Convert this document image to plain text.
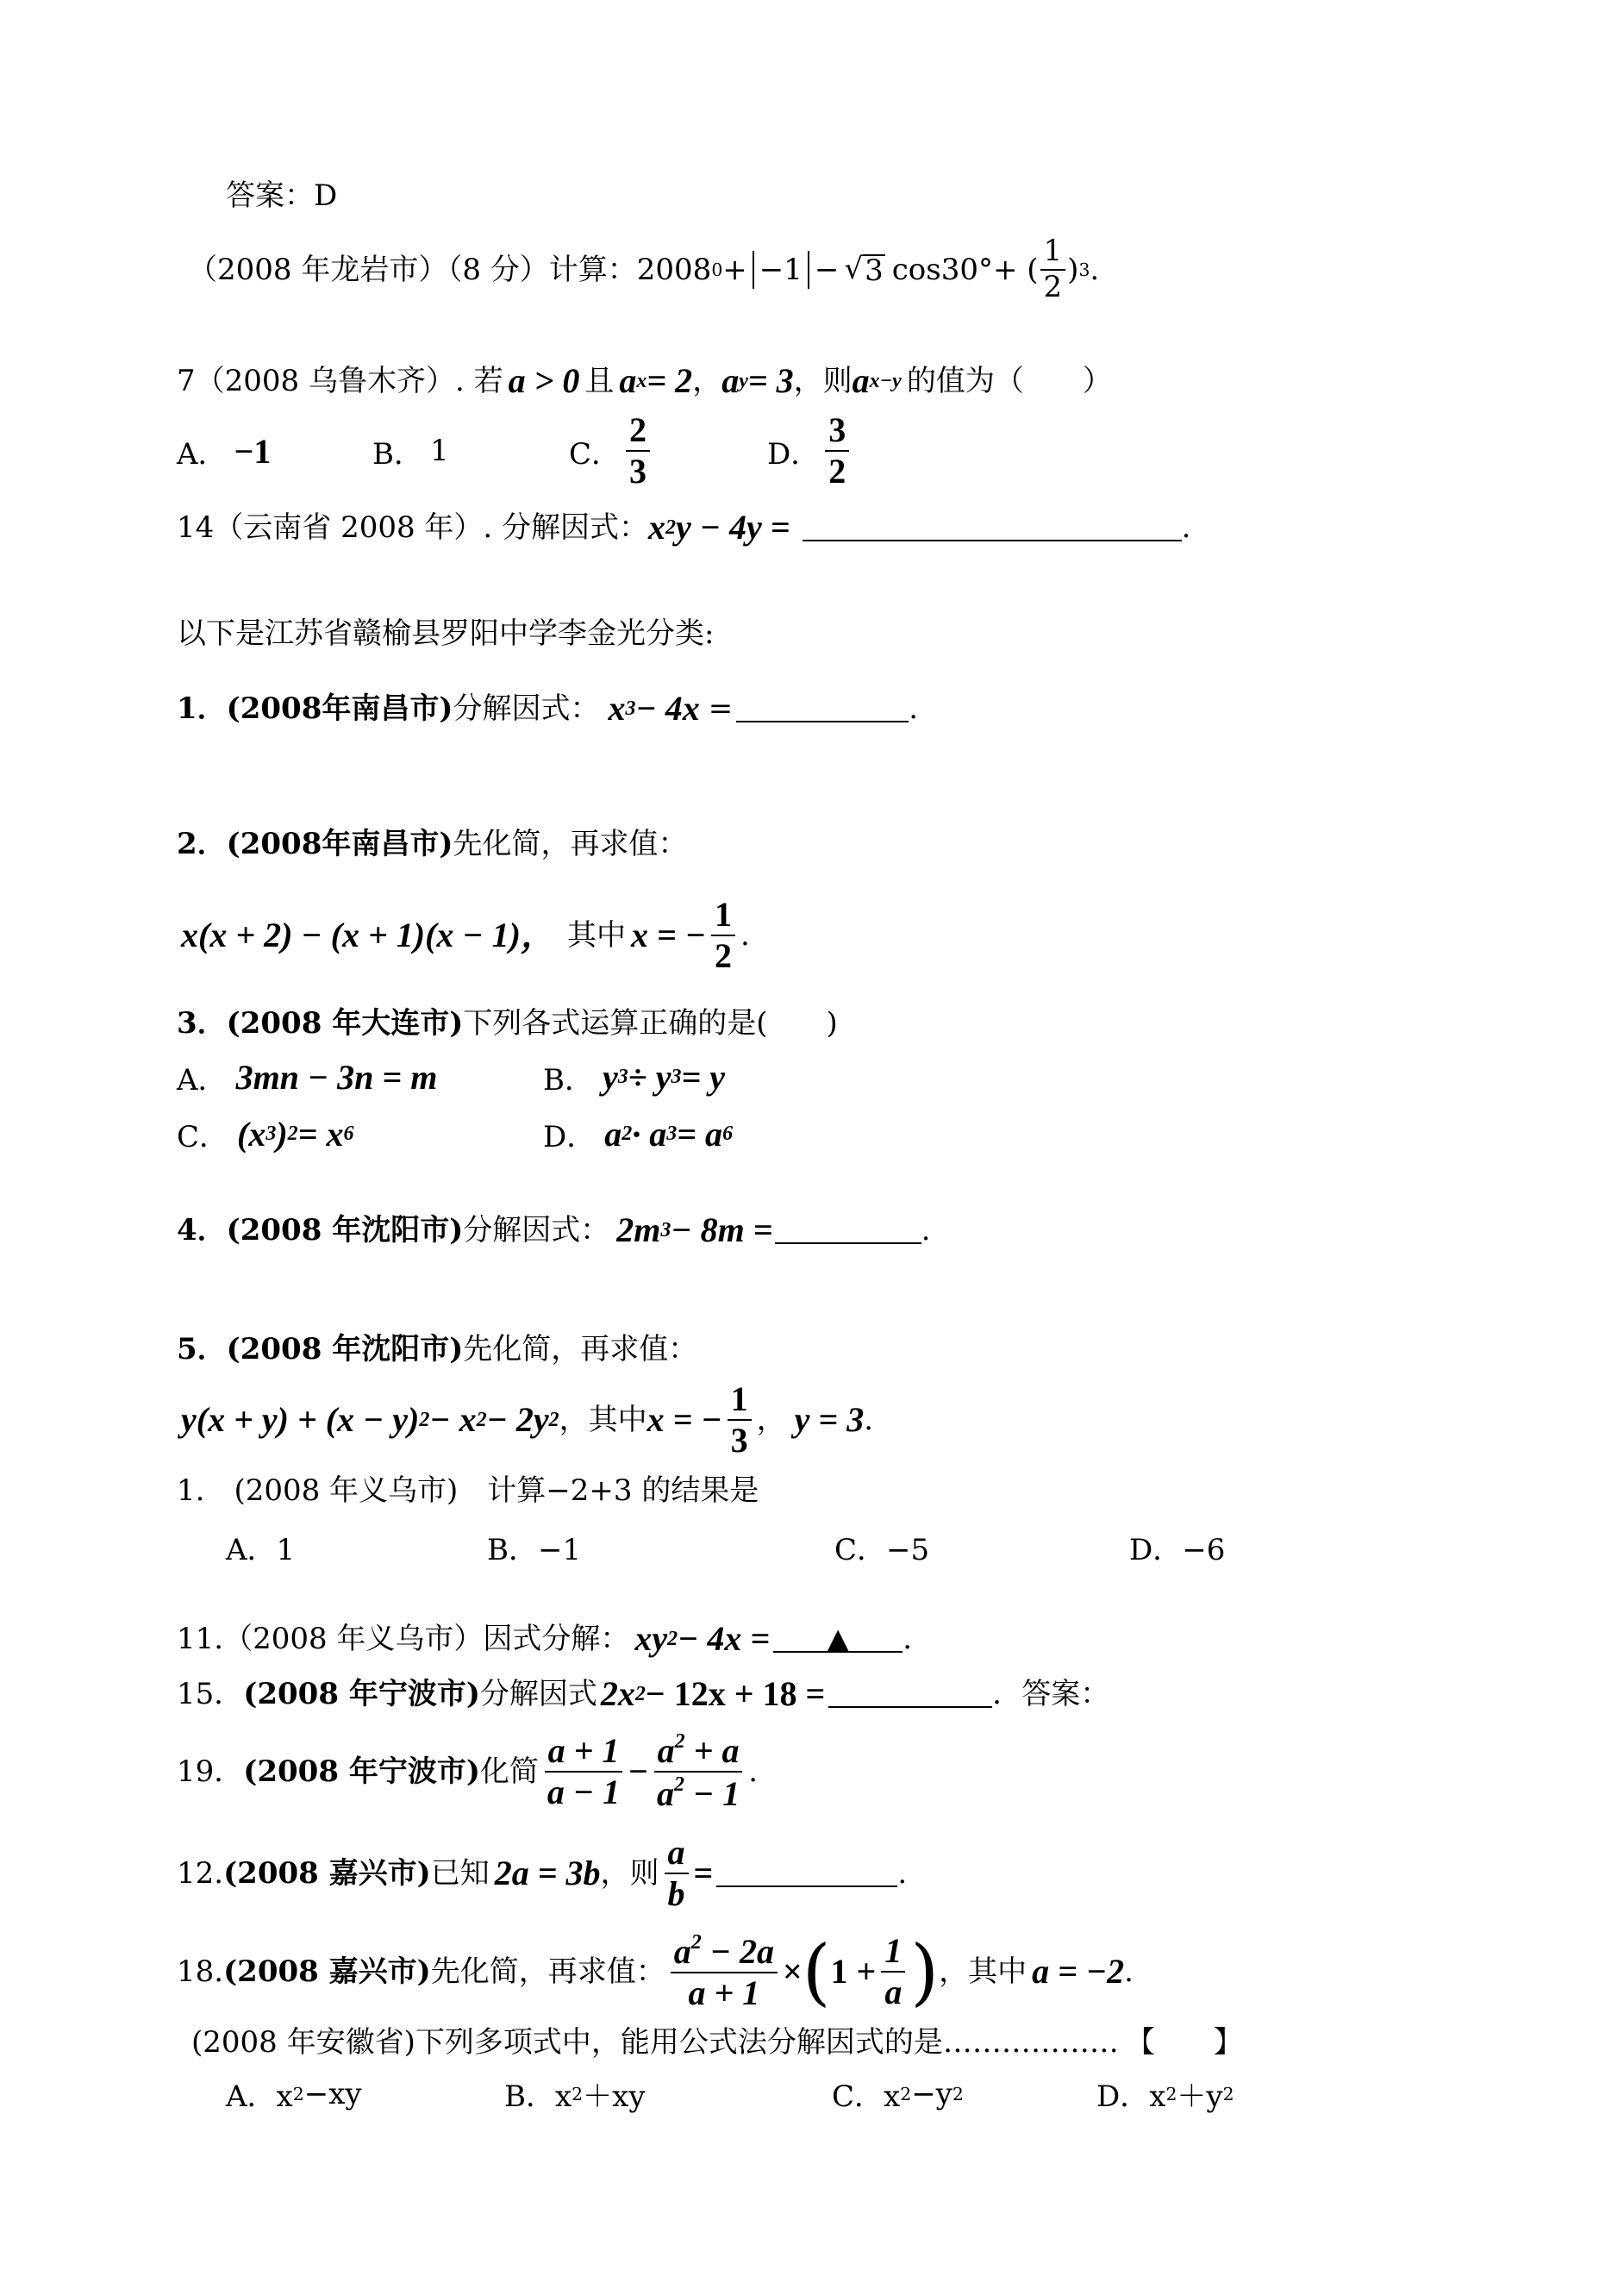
答案：D
（2008 年龙岩市）（8 分）计算：2008 0 + −1 − √ 3 cos30°+ ( $\frac{1}{2}$ ) 3 .
7（2008 乌鲁木齐）. 若 a > 0 且 a x = 2 ， a y = 3 ，则 a x−y 的值为（　　）
A． −1	B． 1	C． $\frac{2}{3}$	D． $\frac{3}{2}$
14（云南省 2008 年）. 分解因式： x 2 y − 4y =	.
以下是江苏省赣榆县罗阳中学李金光分类:
1．(2008年南昌市) 分解因式： x 3 − 4x =	.
2．(2008年南昌市) 先化简，再求值：
x(x + 2) − (x + 1)(x − 1)， 其中 x = − $\frac{1}{2}$ .
3．(2008 年大连市) 下列各式运算正确的是(　　)
A． 3mn − 3n = m	B． y 3 ÷ y 3 = y
C． (x 3 ) 2 = x 6	D． a 2 · a 3 = a 6
4．(2008 年沈阳市) 分解因式： 2m 3 − 8m =	.
5．(2008 年沈阳市) 先化简，再求值：
y(x + y) + (x − y) 2 − x 2 − 2y 2 ，其中 x = − $\frac{1}{3}$ ， y = 3 .
1.　(2008 年义乌市)　计算−2+3 的结果是
A．1	B．−1	C．−5	D．−6
11.（2008 年义乌市）因式分解： xy 2 − 4x =	▲	.
15． (2008 年宁波市) 分解因式 2x 2 − 12x + 18 =	．答案：
19． (2008 年宁波市) 化简 $\frac{a + 1}{a - 1} - \frac{a^2 + a}{a^2 - 1}$ .
12. (2008 嘉兴市) 已知 2a = 3b ，则 $\frac{a}{b}$ =	.
18. (2008 嘉兴市) 先化简，再求值： $\frac{a^2 - 2a}{a + 1}$ × ( $1 + \frac{1}{a}$ ) ，其中 a = −2 .
(2008 年安徽省)下列多项式中，能用公式法分解因式的是 ……………… 【　　】
A．x 2 −xy	B．x 2 ＋xy	C．x 2 −y 2	D．x 2 ＋y 2
